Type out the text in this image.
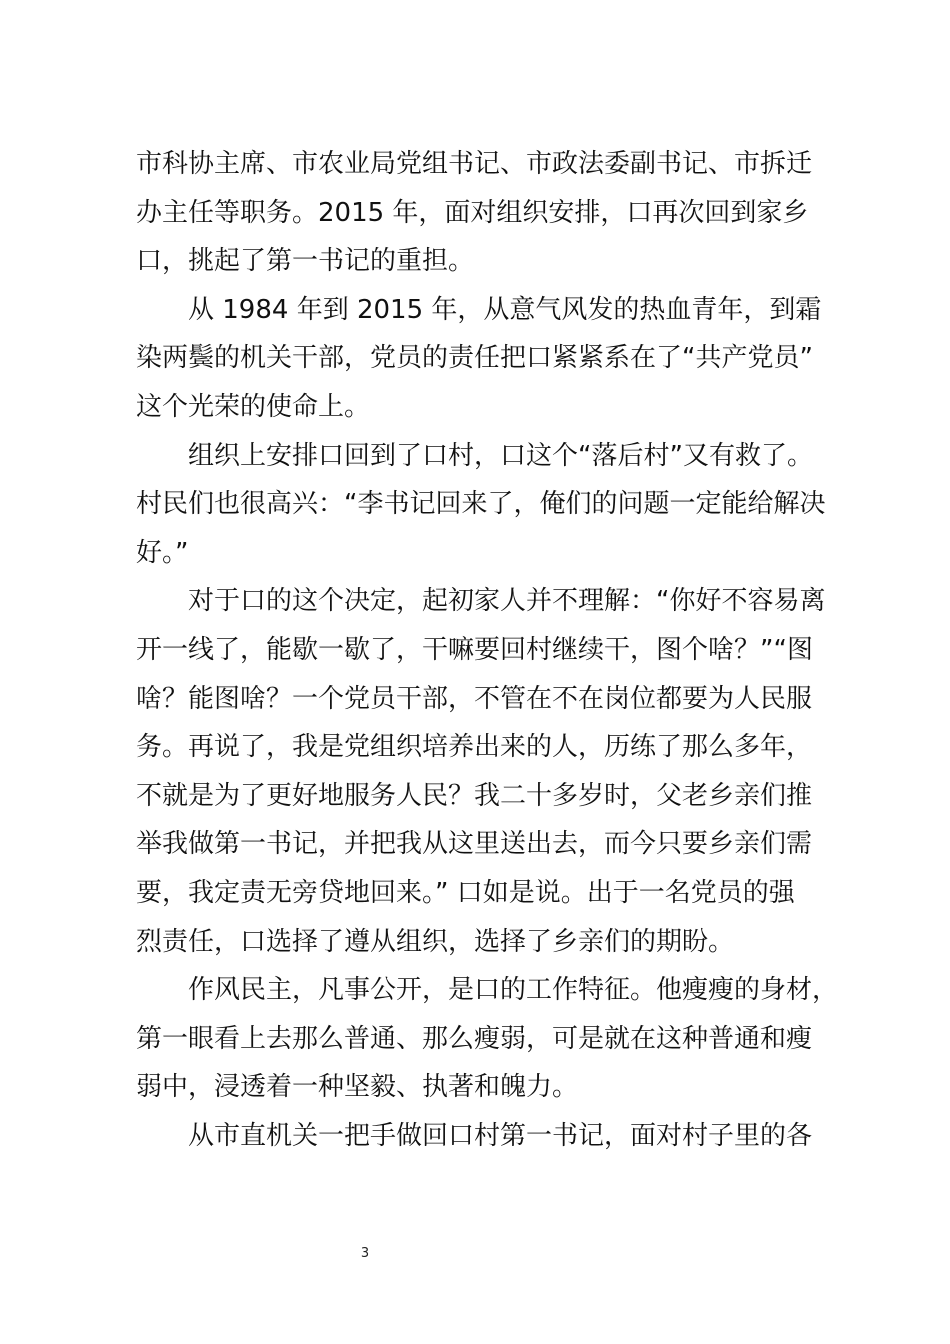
市科协主席、市农业局党组书记、市政法委副书记、市拆迁
办主任等职务。2015 年，面对组织安排，口再次回到家乡
口，挑起了第一书记的重担。
从 1984 年到 2015 年，从意气风发的热血青年，到霜
染两鬓的机关干部，党员的责任把口紧紧系在了“共产党员”
这个光荣的使命上。
组织上安排口回到了口村，口这个“落后村”又有救了。
村民们也很高兴：“李书记回来了，俺们的问题一定能给解决
好。”
对于口的这个决定，起初家人并不理解：“你好不容易离
开一线了，能歇一歇了，干嘛要回村继续干，图个啥？”“图
啥？能图啥？一个党员干部，不管在不在岗位都要为人民服
务。再说了，我是党组织培养出来的人，历练了那么多年，
不就是为了更好地服务人民？我二十多岁时，父老乡亲们推
举我做第一书记，并把我从这里送出去，而今只要乡亲们需
要，我定责无旁贷地回来。” 口如是说。出于一名党员的强
烈责任，口选择了遵从组织，选择了乡亲们的期盼。
作风民主，凡事公开，是口的工作特征。他瘦瘦的身材，
第一眼看上去那么普通、那么瘦弱，可是就在这种普通和瘦
弱中，浸透着一种坚毅、执著和魄力。
从市直机关一把手做回口村第一书记，面对村子里的各
3
